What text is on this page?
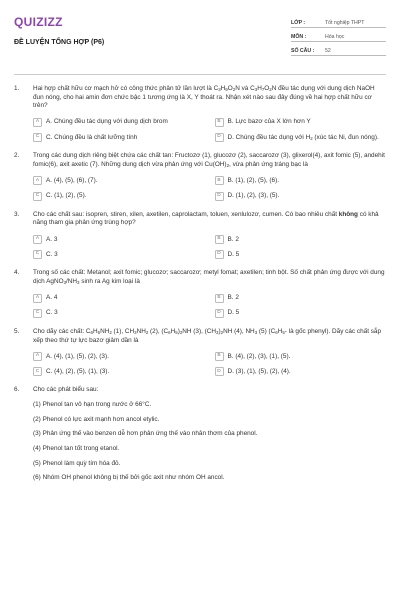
QUIZIZZ
ĐỀ LUYỆN TỔNG HỢP (P6)
LỚP :	Tốt nghiệp THPT
MÔN :	Hóa học
SỐ CÂU :	52
1.	Hai hợp chất hữu cơ mạch hở có công thức phân tử lần lượt là $C_3H_9O_2N$ và $C_3H_7O_2N$ đều tác dụng với dung dịch NaOH đun nóng, cho hai amin đơn chức bậc 1 tương ứng là X, Y thoát ra. Nhận xét nào sau đây đúng về hai hợp chất hữu cơ trên?
A	A. Chúng đều tác dụng với dung dịch brom	B	B. Lực bazơ của X lớn hơn Y
C	C. Chúng đều là chất lưỡng tính	D	D. Chúng đều tác dụng với $H_2$ (xúc tác Ni, đun nóng).
2.	Trong các dung dịch riêng biệt chứa các chất tan: Fructozơ (1), glucozơ (2), saccarozơ (3), glixerol(4), axit fomic (5), andehit fomic(6), axit axetic (7). Những dung dịch vừa phản ứng với $Cu(OH)_2$, vừa phản ứng tráng bạc là
A	A. (4), (5), (6), (7).	B	B. (1), (2), (5), (6).
C	C. (1), (2), (5).	D	D. (1), (2), (3), (5).
3.	Cho các chất sau: isopren, stiren, xilen, axetilen, caprolactam, toluen, xenlulozơ, cumen. Có bao nhiêu chất không có khả năng tham gia phản ứng trùng hợp?
A	A. 3	B	B. 2
C	C. 3	D	D. 5
4.	Trong số các chất: Metanol; axit fomic; glucozơ; saccarozơ; metyl fomat; axetilen; tinh bột. Số chất phản ứng được với dung dịch $AgNO_3/NH_3$ sinh ra Ag kim loại là
A	A. 4	B	B. 2
C	C. 3	D	D. 5
5.	Cho dãy các chất: $C_6H_5NH_2$ (1), $CH_3NH_2$ (2), $(C_6H_5)_2NH$ (3), $(CH_3)_2NH$ (4), $NH_3$ (5) ($C_6H_5-$ là gốc phenyl). Dãy các chất sắp xếp theo thứ tự lực bazơ giảm dần là
A	A. (4), (1), (5), (2), (3).	B	B. (4), (2), (3), (1), (5).
C	C. (4), (2), (5), (1), (3).	D	D. (3), (1), (5), (2), (4).
6.	Cho các phát biểu sau:
(1) Phenol tan vô hạn trong nước ở 66°C.
(2) Phenol có lực axit mạnh hơn ancol etylic.
(3) Phản ứng thế vào benzen dễ hơn phản ứng thế vào nhân thơm của phenol.
(4) Phenol tan tốt trong etanol.
(5) Phenol làm quỳ tím hóa đỏ.
(6) Nhóm OH phenol không bị thế bởi gốc axit như nhóm OH ancol.
